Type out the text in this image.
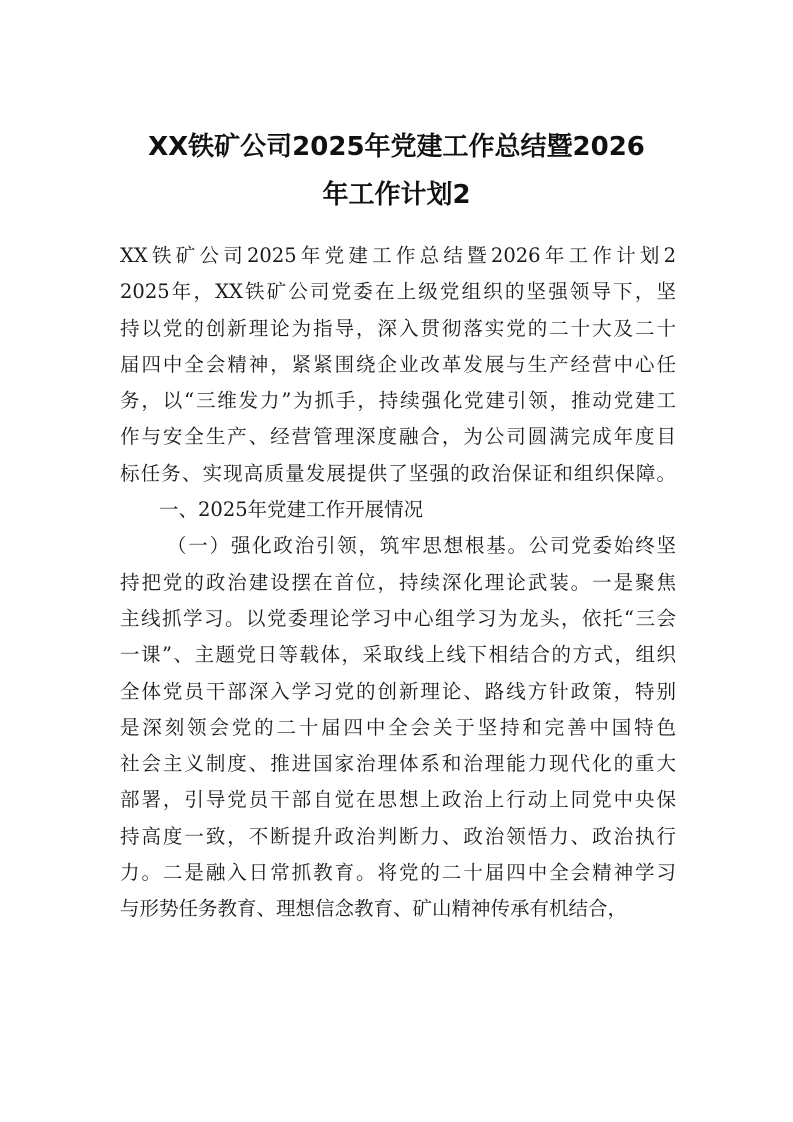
XX铁矿公司2025年党建工作总结暨2026
年工作计划2
XX铁矿公司2025年党建工作总结暨2026年工作计划2
2025年，XX铁矿公司党委在上级党组织的坚强领导下，坚
持以党的创新理论为指导，深入贯彻落实党的二十大及二十
届四中全会精神，紧紧围绕企业改革发展与生产经营中心任
务，以“三维发力”为抓手，持续强化党建引领，推动党建工
作与安全生产、经营管理深度融合，为公司圆满完成年度目
标任务、实现高质量发展提供了坚强的政治保证和组织保障。
一、2025年党建工作开展情况
（一）强化政治引领，筑牢思想根基。公司党委始终坚
持把党的政治建设摆在首位，持续深化理论武装。一是聚焦
主线抓学习。以党委理论学习中心组学习为龙头，依托“三会
一课”、主题党日等载体，采取线上线下相结合的方式，组织
全体党员干部深入学习党的创新理论、路线方针政策，特别
是深刻领会党的二十届四中全会关于坚持和完善中国特色
社会主义制度、推进国家治理体系和治理能力现代化的重大
部署，引导党员干部自觉在思想上政治上行动上同党中央保
持高度一致，不断提升政治判断力、政治领悟力、政治执行
力。二是融入日常抓教育。将党的二十届四中全会精神学习
与形势任务教育、理想信念教育、矿山精神传承有机结合，
